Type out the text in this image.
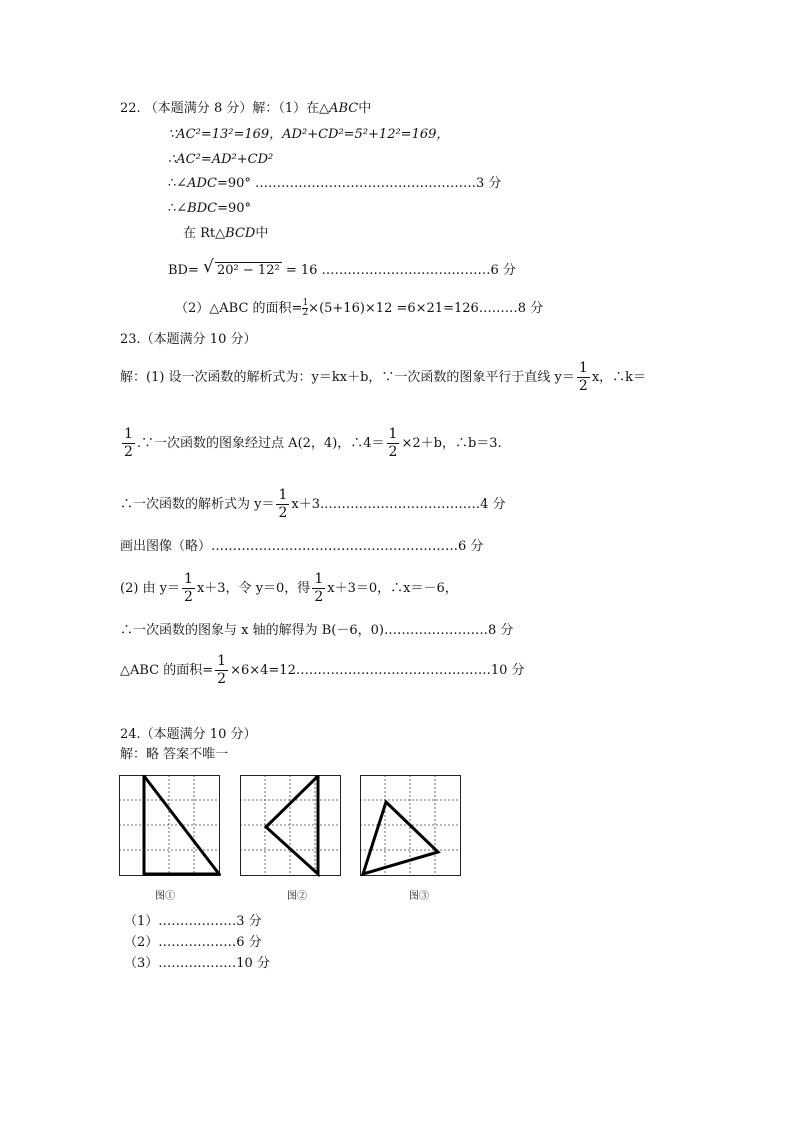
22. （本题满分 8 分）解：（1）在△ABC中
∵AC²=13²=169，AD²+CD²=5²+12²=169，
∴AC²=AD²+CD²
∴∠ADC=90° ……………………………………………3 分
∴∠BDC=90°
在 Rt△BCD中
BD= √ 20² − 12² = 16 …………………………………6 分
（2）△ABC 的面积= $\frac{1}{2} \times(5+16)\times 12$ =6×21=126………8 分
23.（本题满分 10 分）
解：(1) 设一次函数的解析式为：y＝kx＋b，∵一次函数的图象平行于直线 $y= \frac{1}{2}$ x，∴k＝
$\frac{1}{2}$ .∵一次函数的图象经过点 A(2，4)，∴4＝ $\frac{1}{2} \times 2+b$，∴b＝3.
∴一次函数的解析式为 $y= \frac{1}{2}$ x＋3.………………………………4 分
画出图像（略）…………………………………………………6 分
(2) 由 $y= \frac{1}{2} x+3$，令 y＝0，得 $\frac{1}{2} x+3=0$，∴x＝－6，
∴一次函数的图象与 x 轴的解得为 B(－6，0)……………………8 分
△ABC 的面积= $\frac{1}{2}$ ×6×4=12………………………………………10 分
24.（本题满分 10 分）
解：略 答案不唯一
图①	图②	图③
（1）………………3 分
（2）………………6 分
（3）………………10 分
